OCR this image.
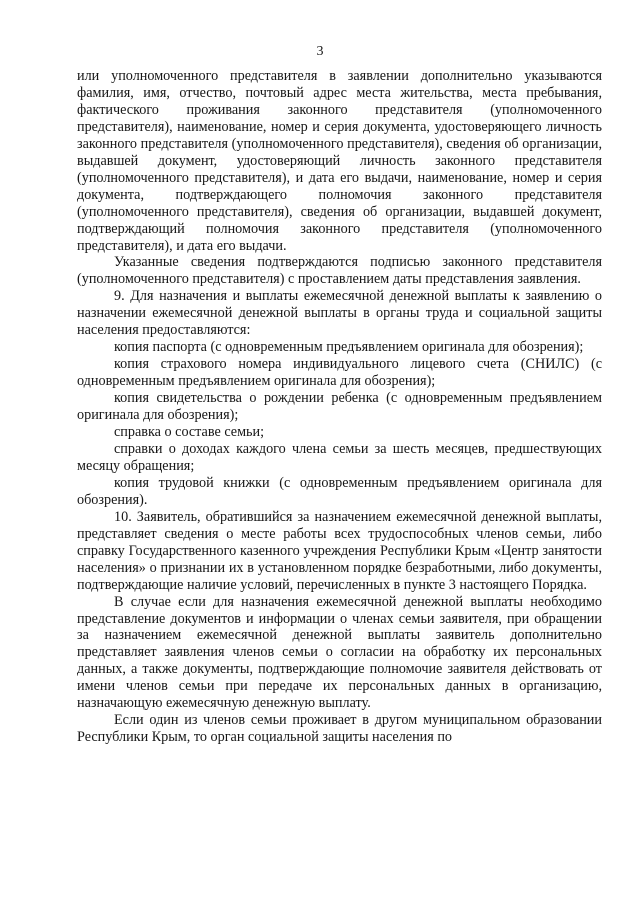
3

или уполномоченного представителя в заявлении дополнительно указываются фамилия, имя, отчество, почтовый адрес места жительства, места пребывания, фактического проживания законного представителя (уполномоченного представителя), наименование, номер и серия документа, удостоверяющего личность законного представителя (уполномоченного представителя), сведения об организации, выдавшей документ, удостоверяющий личность законного представителя (уполномоченного представителя), и дата его выдачи, наименование, номер и серия документа, подтверждающего полномочия законного представителя (уполномоченного представителя), сведения об организации, выдавшей документ, подтверждающий полномочия законного представителя (уполномоченного представителя), и дата его выдачи.

Указанные сведения подтверждаются подписью законного представителя (уполномоченного представителя) с проставлением даты представления заявления.

9. Для назначения и выплаты ежемесячной денежной выплаты к заявлению о назначении ежемесячной денежной выплаты в органы труда и социальной защиты населения предоставляются:

копия паспорта (с одновременным предъявлением оригинала для обозрения);

копия страхового номера индивидуального лицевого счета (СНИЛС) (с одновременным предъявлением оригинала для обозрения);

копия свидетельства о рождении ребенка (с одновременным предъявлением оригинала для обозрения);

справка о составе семьи;

справки о доходах каждого члена семьи за шесть месяцев, предшествующих месяцу обращения;

копия трудовой книжки (с одновременным предъявлением оригинала для обозрения).

10. Заявитель, обратившийся за назначением ежемесячной денежной выплаты, представляет сведения о месте работы всех трудоспособных членов семьи, либо справку Государственного казенного учреждения Республики Крым «Центр занятости населения» о признании их в установленном порядке безработными, либо документы, подтверждающие наличие условий, перечисленных в пункте 3 настоящего Порядка.

В случае если для назначения ежемесячной денежной выплаты необходимо представление документов и информации о членах семьи заявителя, при обращении за назначением ежемесячной денежной выплаты заявитель дополнительно представляет заявления членов семьи о согласии на обработку их персональных данных, а также документы, подтверждающие полномочие заявителя действовать от имени членов семьи при передаче их персональных данных в организацию, назначающую ежемесячную денежную выплату.

Если один из членов семьи проживает в другом муниципальном образовании Республики Крым, то орган социальной защиты населения по
